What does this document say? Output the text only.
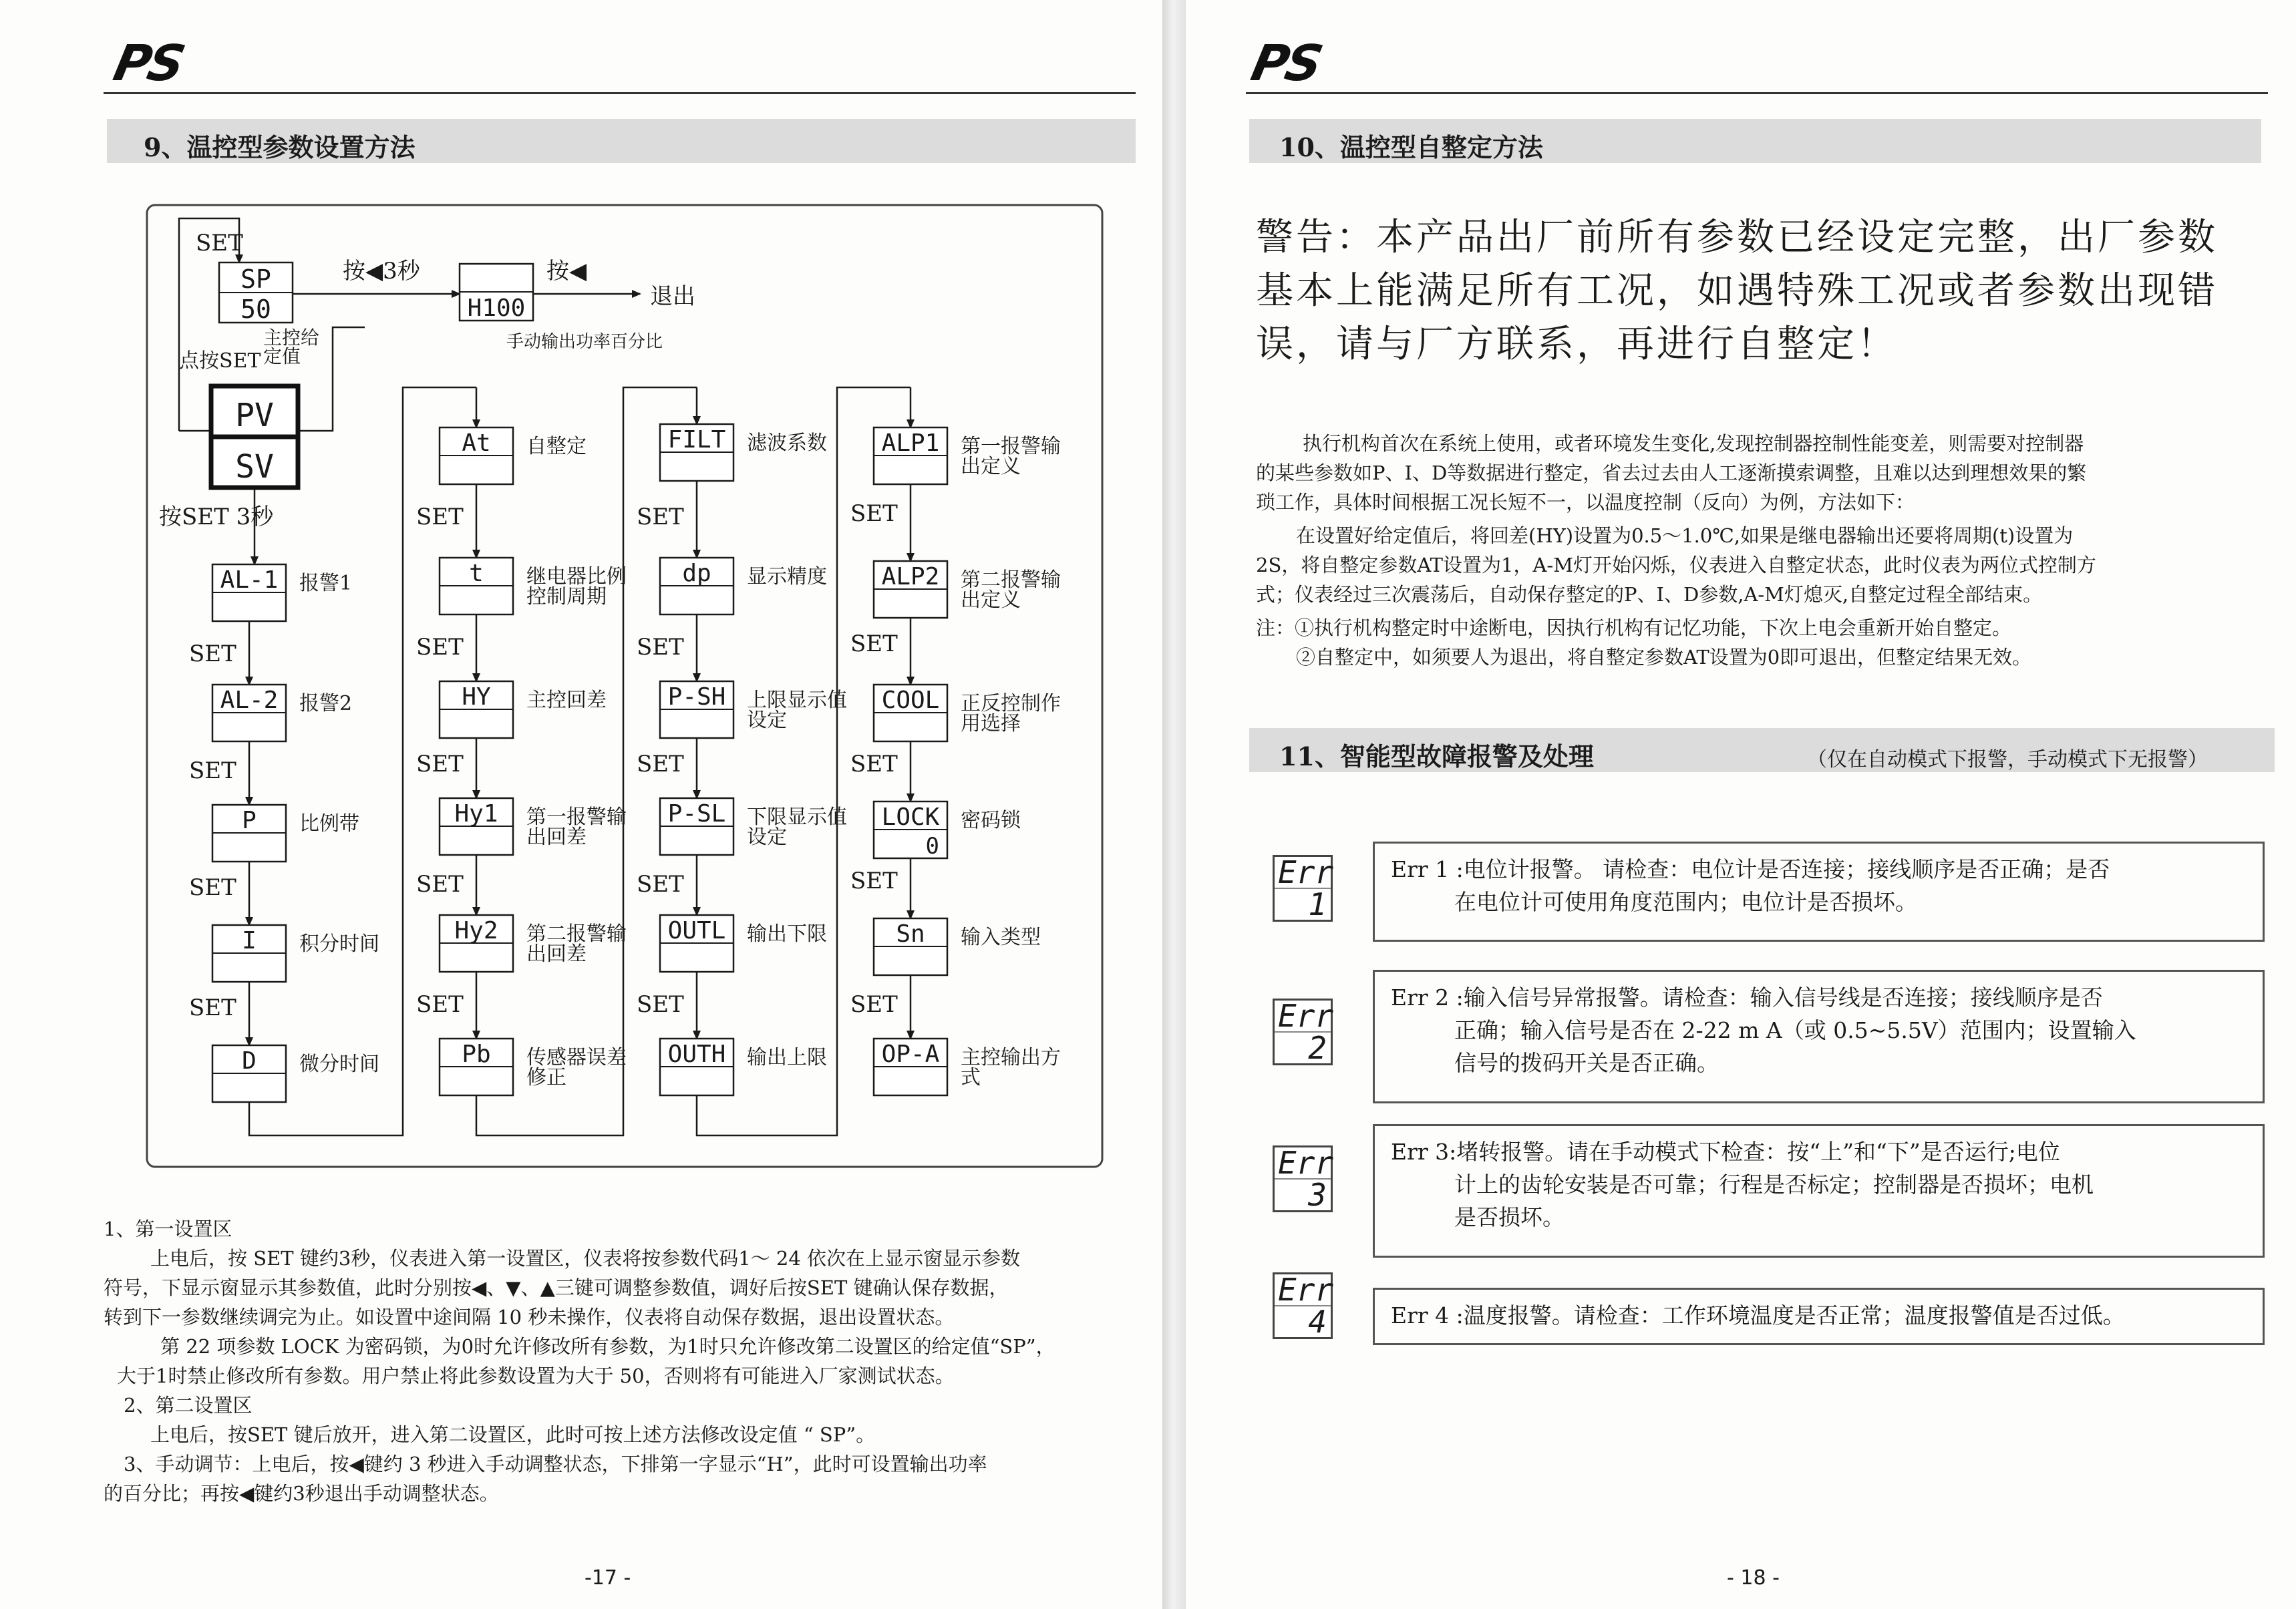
PS
9、温控型参数设置方法
SET
SP
50
主控给定值
点按SET
按◀3秒
H100
按◀
退出
手动输出功率百分比
PV
SV
按SET 3秒
AL-1 报警1
SET
AL-2 报警2
SET
P 比例带
SET
I 积分时间
SET
D 微分时间
At 自整定
SET
t 继电器比例控制周期
SET
HY 主控回差
SET
Hy1 第一报警输出回差
SET
Hy2 第二报警输出回差
SET
Pb 传感器误差修正
FILT 滤波系数
SET
dp 显示精度
SET
P-SH 上限显示值设定
SET
P-SL 下限显示值设定
SET
OUTL 输出下限
SET
OUTH 输出上限
ALP1 第一报警输出定义
SET
ALP2 第二报警输出定义
SET
COOL 正反控制作用选择
SET
LOCK
0
密码锁
SET
Sn 输入类型
SET
OP-A 主控输出方式
1、第一设置区
上电后，按 SET 键约3秒，仪表进入第一设置区，仪表将按参数代码1～ 24 依次在上显示窗显示参数
符号，下显示窗显示其参数值，此时分别按◀、▼、▲三键可调整参数值，调好后按SET 键确认保存数据，
转到下一参数继续调完为止。如设置中途间隔 10 秒未操作，仪表将自动保存数据，退出设置状态。
第 22 项参数 LOCK 为密码锁，为0时允许修改所有参数，为1时只允许修改第二设置区的给定值“SP”，
大于1时禁止修改所有参数。用户禁止将此参数设置为大于 50，否则将有可能进入厂家测试状态。
2、第二设置区
上电后，按SET 键后放开，进入第二设置区，此时可按上述方法修改设定值 “ SP”。
3、手动调节：上电后，按◀键约 3 秒进入手动调整状态，下排第一字显示“H”，此时可设置输出功率
的百分比；再按◀键约3秒退出手动调整状态。
-17 -
PS
10、温控型自整定方法
警告：本产品出厂前所有参数已经设定完整，出厂参数
基本上能满足所有工况，如遇特殊工况或者参数出现错
误，请与厂方联系，再进行自整定！
执行机构首次在系统上使用，或者环境发生变化,发现控制器控制性能变差，则需要对控制器
的某些参数如P、I、D等数据进行整定，省去过去由人工逐渐摸索调整，且难以达到理想效果的繁
琐工作，具体时间根据工况长短不一，以温度控制（反向）为例，方法如下：
在设置好给定值后，将回差(HY)设置为0.5～1.0℃,如果是继电器输出还要将周期(t)设置为
2S，将自整定参数AT设置为1，A-M灯开始闪烁，仪表进入自整定状态，此时仪表为两位式控制方
式；仪表经过三次震荡后，自动保存整定的P、I、D参数,A-M灯熄灭,自整定过程全部结束。
注：①执行机构整定时中途断电，因执行机构有记忆功能，下次上电会重新开始自整定。
②自整定中，如须要人为退出，将自整定参数AT设置为0即可退出，但整定结果无效。
11、智能型故障报警及处理	（仅在自动模式下报警，手动模式下无报警）
Err
1
Err 1 :电位计报警。 请检查：电位计是否连接；接线顺序是否正确；是否
在电位计可使用角度范围内；电位计是否损坏。
Err
2
Err 2 :输入信号异常报警。请检查：输入信号线是否连接；接线顺序是否
正确；输入信号是否在 2-22 m A（或 0.5~5.5V）范围内；设置输入
信号的拨码开关是否正确。
Err
3
Err 3:堵转报警。请在手动模式下检查：按“上”和“下”是否运行;电位
计上的齿轮安装是否可靠；行程是否标定；控制器是否损坏；电机
是否损坏。
Err
4	Err 4 :温度报警。请检查：工作环境温度是否正常；温度报警值是否过低。
- 18 -
